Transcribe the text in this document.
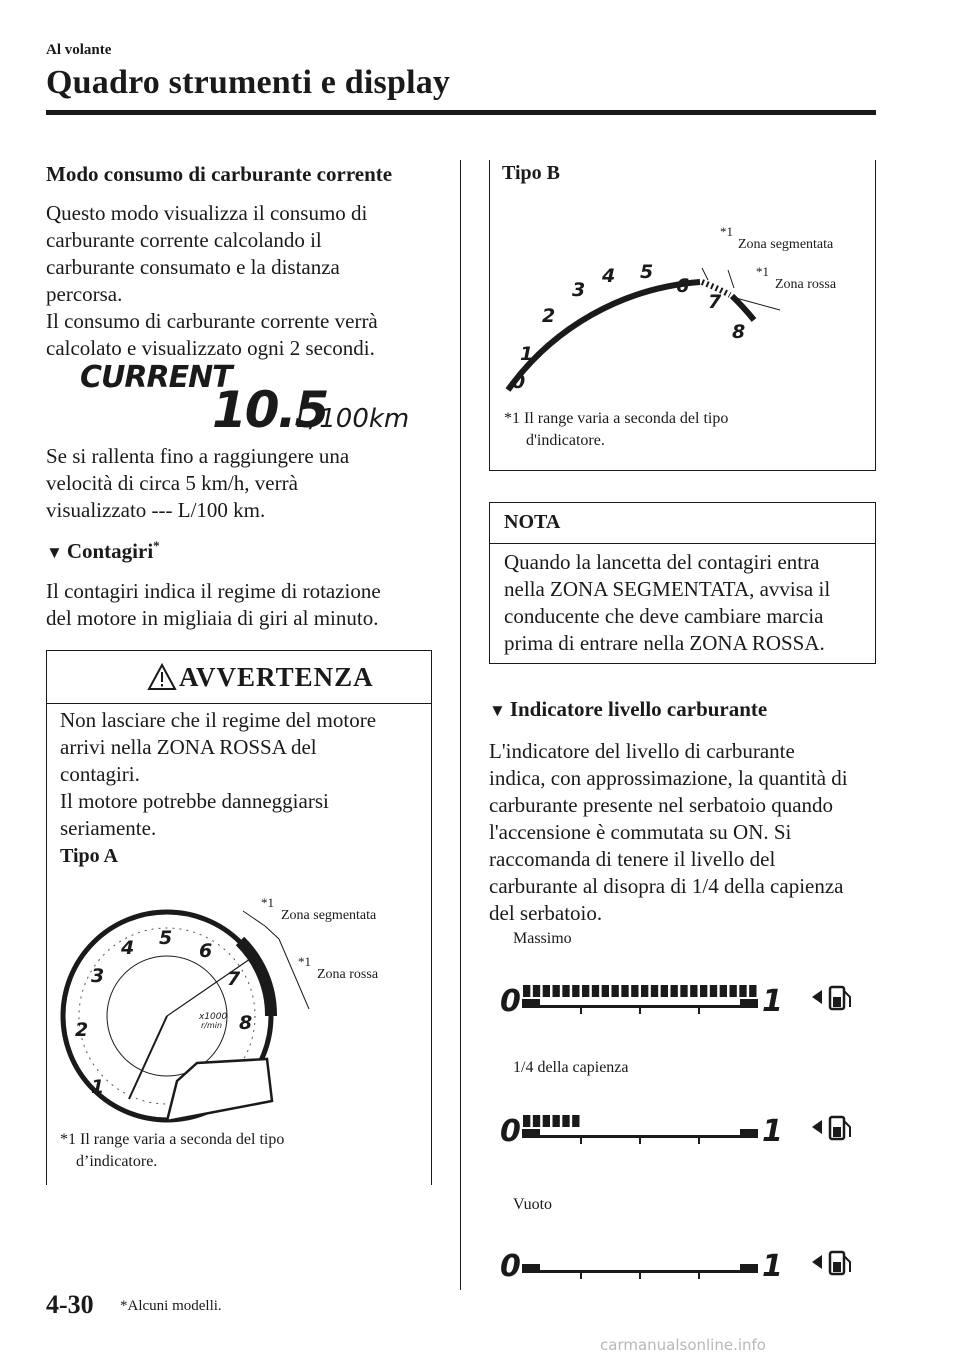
Al volante
Quadro strumenti e display
Modo consumo di carburante corrente
Questo modo visualizza il consumo di
carburante corrente calcolando il
carburante consumato e la distanza
percorsa.
Il consumo di carburante corrente verrà
calcolato e visualizzato ogni 2 secondi.
CURRENT
10.5
L/100km
Se si rallenta fino a raggiungere una
velocità di circa 5 km/h, verrà
visualizzato --- L/100 km.
▼ Contagiri*
Il contagiri indica il regime di rotazione
del motore in migliaia di giri al minuto.
AVVERTENZA
Non lasciare che il regime del motore
arrivi nella ZONA ROSSA del
contagiri.
Il motore potrebbe danneggiarsi
seriamente.
Tipo A
1
2
3
4 5
6
7
8
x1000
r/min
*1
Zona segmentata
*1
Zona rossa
*1 Il range varia a seconda del tipo
d’indicatore.
Tipo B
0
1
2
3
4 5
6
7
8
*1
Zona segmentata
*1
Zona rossa
*1 Il range varia a seconda del tipo
d'indicatore.
NOTA
Quando la lancetta del contagiri entra
nella ZONA SEGMENTATA, avvisa il
conducente che deve cambiare marcia
prima di entrare nella ZONA ROSSA.
▼ Indicatore livello carburante
L'indicatore del livello di carburante
indica, con approssimazione, la quantità di
carburante presente nel serbatoio quando
l'accensione è commutata su ON. Si
raccomanda di tenere il livello del
carburante al disopra di 1/4 della capienza
del serbatoio.
Massimo
0	1
1/4 della capienza
0	1
Vuoto
0	1
4-30 *Alcuni modelli.
carmanualsonline.info
